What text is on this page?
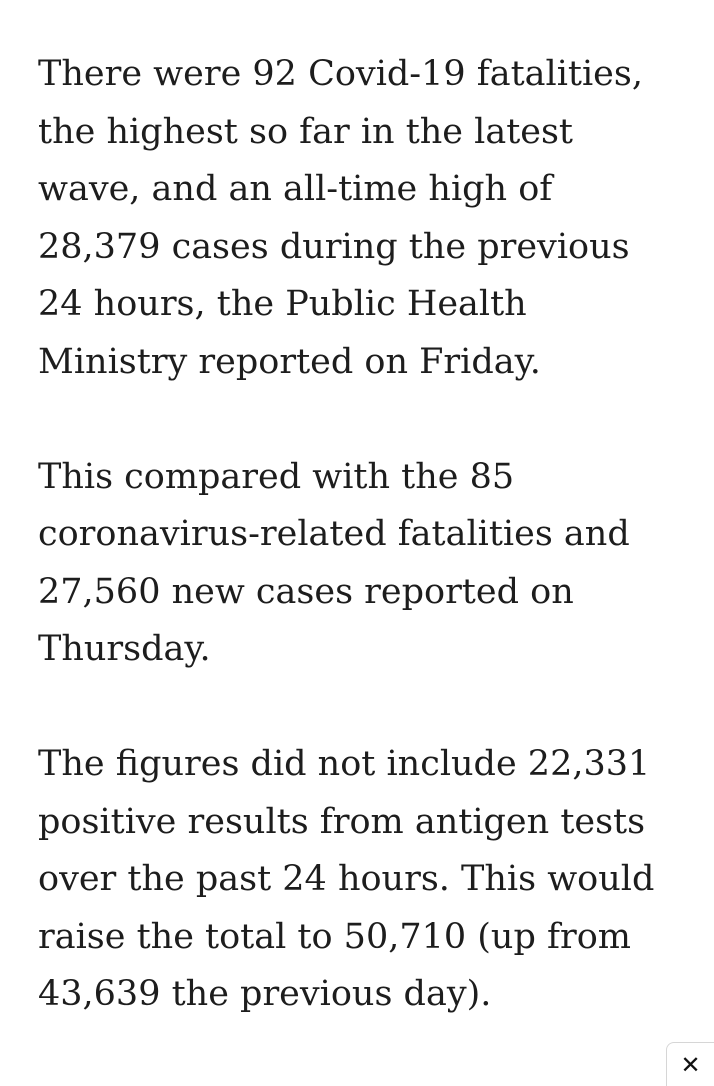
There were 92 Covid-19 fatalities,
the highest so far in the latest
wave, and an all-time high of
28,379 cases during the previous
24 hours, the Public Health
Ministry reported on Friday.

This compared with the 85
coronavirus-related fatalities and
27,560 new cases reported on
Thursday.

The figures did not include 22,331
positive results from antigen tests
over the past 24 hours. This would
raise the total to 50,710 (up from
43,639 the previous day).

✕
